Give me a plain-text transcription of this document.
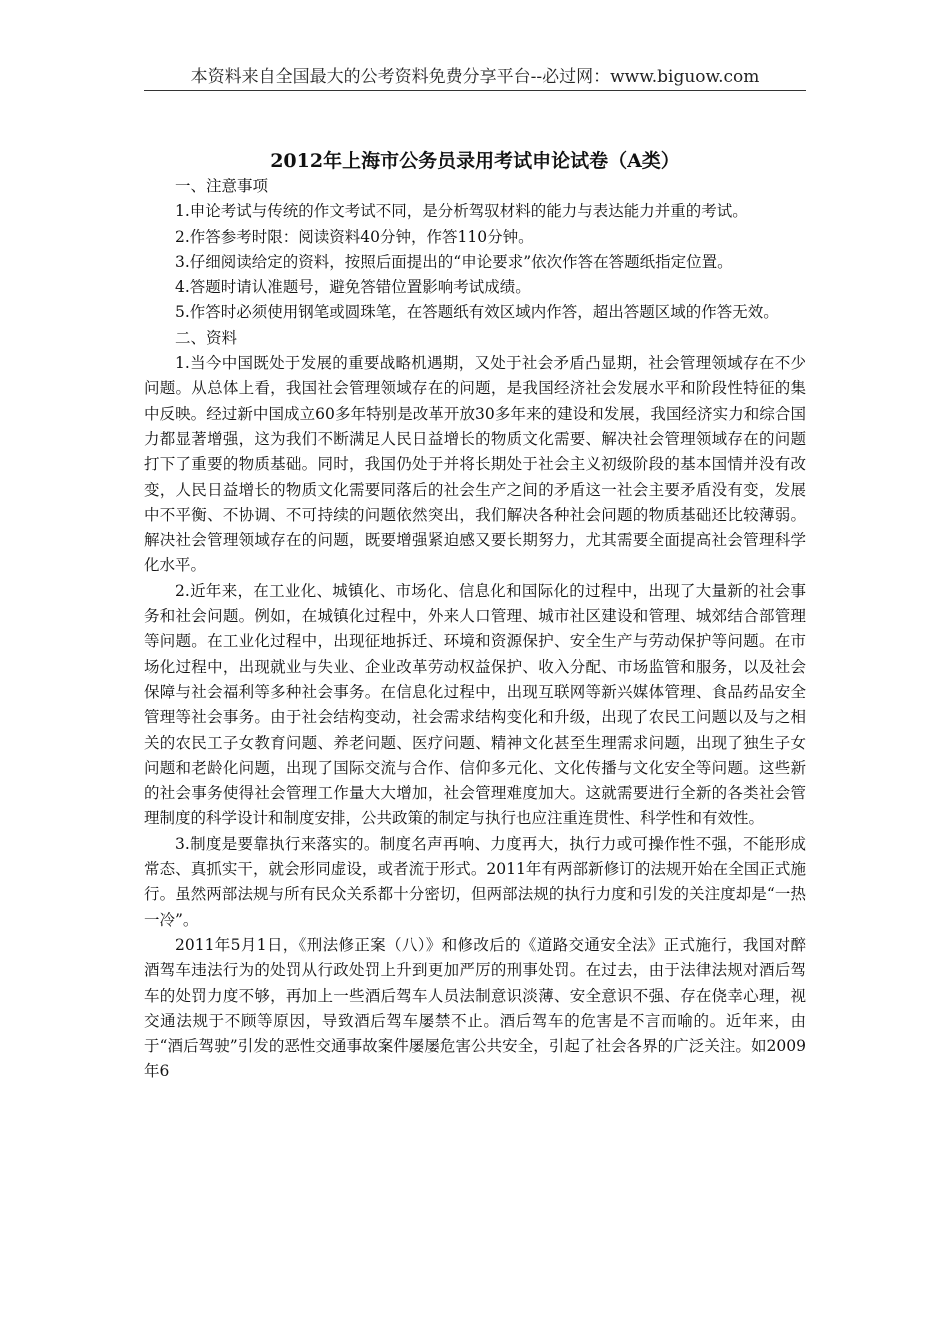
本资料来自全国最大的公考资料免费分享平台--必过网：www.biguow.com
2012年上海市公务员录用考试申论试卷（A类）

一、注意事项

1.申论考试与传统的作文考试不同，是分析驾驭材料的能力与表达能力并重的考试。

2.作答参考时限：阅读资料40分钟，作答110分钟。

3.仔细阅读给定的资料，按照后面提出的“申论要求”依次作答在答题纸指定位置。

4.答题时请认准题号，避免答错位置影响考试成绩。

5.作答时必须使用钢笔或圆珠笔，在答题纸有效区域内作答，超出答题区域的作答无效。

二、资料

1.当今中国既处于发展的重要战略机遇期，又处于社会矛盾凸显期，社会管理领域存在不少问题。从总体上看，我国社会管理领域存在的问题，是我国经济社会发展水平和阶段性特征的集中反映。经过新中国成立60多年特别是改革开放30多年来的建设和发展，我国经济实力和综合国力都显著增强，这为我们不断满足人民日益增长的物质文化需要、解决社会管理领域存在的问题打下了重要的物质基础。同时，我国仍处于并将长期处于社会主义初级阶段的基本国情并没有改变，人民日益增长的物质文化需要同落后的社会生产之间的矛盾这一社会主要矛盾没有变，发展中不平衡、不协调、不可持续的问题依然突出，我们解决各种社会问题的物质基础还比较薄弱。解决社会管理领域存在的问题，既要增强紧迫感又要长期努力，尤其需要全面提高社会管理科学化水平。

2.近年来，在工业化、城镇化、市场化、信息化和国际化的过程中，出现了大量新的社会事务和社会问题。例如，在城镇化过程中，外来人口管理、城市社区建设和管理、城郊结合部管理等问题。在工业化过程中，出现征地拆迁、环境和资源保护、安全生产与劳动保护等问题。在市场化过程中，出现就业与失业、企业改革劳动权益保护、收入分配、市场监管和服务，以及社会保障与社会福利等多种社会事务。在信息化过程中，出现互联网等新兴媒体管理、食品药品安全管理等社会事务。由于社会结构变动，社会需求结构变化和升级，出现了农民工问题以及与之相关的农民工子女教育问题、养老问题、医疗问题、精神文化甚至生理需求问题，出现了独生子女问题和老龄化问题，出现了国际交流与合作、信仰多元化、文化传播与文化安全等问题。这些新的社会事务使得社会管理工作量大大增加，社会管理难度加大。这就需要进行全新的各类社会管理制度的科学设计和制度安排，公共政策的制定与执行也应注重连贯性、科学性和有效性。

3.制度是要靠执行来落实的。制度名声再响、力度再大，执行力或可操作性不强，不能形成常态、真抓实干，就会形同虚设，或者流于形式。2011年有两部新修订的法规开始在全国正式施行。虽然两部法规与所有民众关系都十分密切，但两部法规的执行力度和引发的关注度却是“一热一冷”。

2011年5月1日，《刑法修正案（八）》和修改后的《道路交通安全法》正式施行，我国对醉酒驾车违法行为的处罚从行政处罚上升到更加严厉的刑事处罚。在过去，由于法律法规对酒后驾车的处罚力度不够，再加上一些酒后驾车人员法制意识淡薄、安全意识不强、存在侥幸心理，视交通法规于不顾等原因，导致酒后驾车屡禁不止。酒后驾车的危害是不言而喻的。近年来，由于“酒后驾驶”引发的恶性交通事故案件屡屡危害公共安全，引起了社会各界的广泛关注。如2009年6
